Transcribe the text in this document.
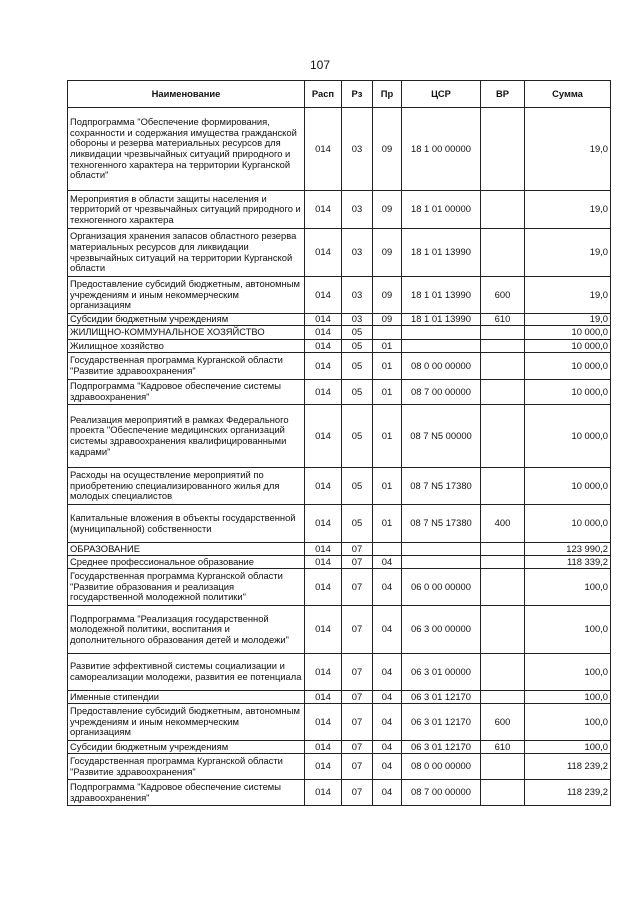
107
Наименование	Расп	Рз	Пр	ЦСР	ВР	Сумма
Подпрограмма "Обеспечение формирования, сохранности и содержания имущества гражданской обороны и резерва материальных ресурсов для ликвидации чрезвычайных ситуаций природного и техногенного характера на территории Курганской области"	014	03	09	18 1 00 00000		19,0
Мероприятия в области защиты населения и территорий от чрезвычайных ситуаций природного и техногенного характера	014	03	09	18 1 01 00000		19,0
Организация хранения запасов областного резерва материальных ресурсов для ликвидации чрезвычайных ситуаций на территории Курганской области	014	03	09	18 1 01 13990		19,0
Предоставление субсидий бюджетным, автономным учреждениям и иным некоммерческим организациям	014	03	09	18 1 01 13990	600	19,0
Субсидии бюджетным учреждениям	014	03	09	18 1 01 13990	610	19,0
ЖИЛИЩНО-КОММУНАЛЬНОЕ ХОЗЯЙСТВО	014	05				10 000,0
Жилищное хозяйство	014	05	01			10 000,0
Государственная программа Курганской области "Развитие здравоохранения"	014	05	01	08 0 00 00000		10 000,0
Подпрограмма "Кадровое обеспечение системы здравоохранения"	014	05	01	08 7 00 00000		10 000,0
Реализация мероприятий в рамках Федерального проекта "Обеспечение медицинских организаций системы здравоохранения квалифицированными кадрами"	014	05	01	08 7 N5 00000		10 000,0
Расходы на осуществление мероприятий по приобретению специализированного жилья для молодых специалистов	014	05	01	08 7 N5 17380		10 000,0
Капитальные вложения в объекты государственной (муниципальной) собственности	014	05	01	08 7 N5 17380	400	10 000,0
ОБРАЗОВАНИЕ	014	07				123 990,2
Среднее профессиональное образование	014	07	04			118 339,2
Государственная программа Курганской области "Развитие образования и реализация государственной молодежной политики"	014	07	04	06 0 00 00000		100,0
Подпрограмма "Реализация государственной молодежной политики, воспитания и дополнительного образования детей и молодежи"	014	07	04	06 3 00 00000		100,0
Развитие эффективной системы социализации и самореализации молодежи, развития ее потенциала	014	07	04	06 3 01 00000		100,0
Именные стипендии	014	07	04	06 3 01 12170		100,0
Предоставление субсидий бюджетным, автономным учреждениям и иным некоммерческим организациям	014	07	04	06 3 01 12170	600	100,0
Субсидии бюджетным учреждениям	014	07	04	06 3 01 12170	610	100,0
Государственная программа Курганской области "Развитие здравоохранения"	014	07	04	08 0 00 00000		118 239,2
Подпрограмма "Кадровое обеспечение системы здравоохранения"	014	07	04	08 7 00 00000		118 239,2
